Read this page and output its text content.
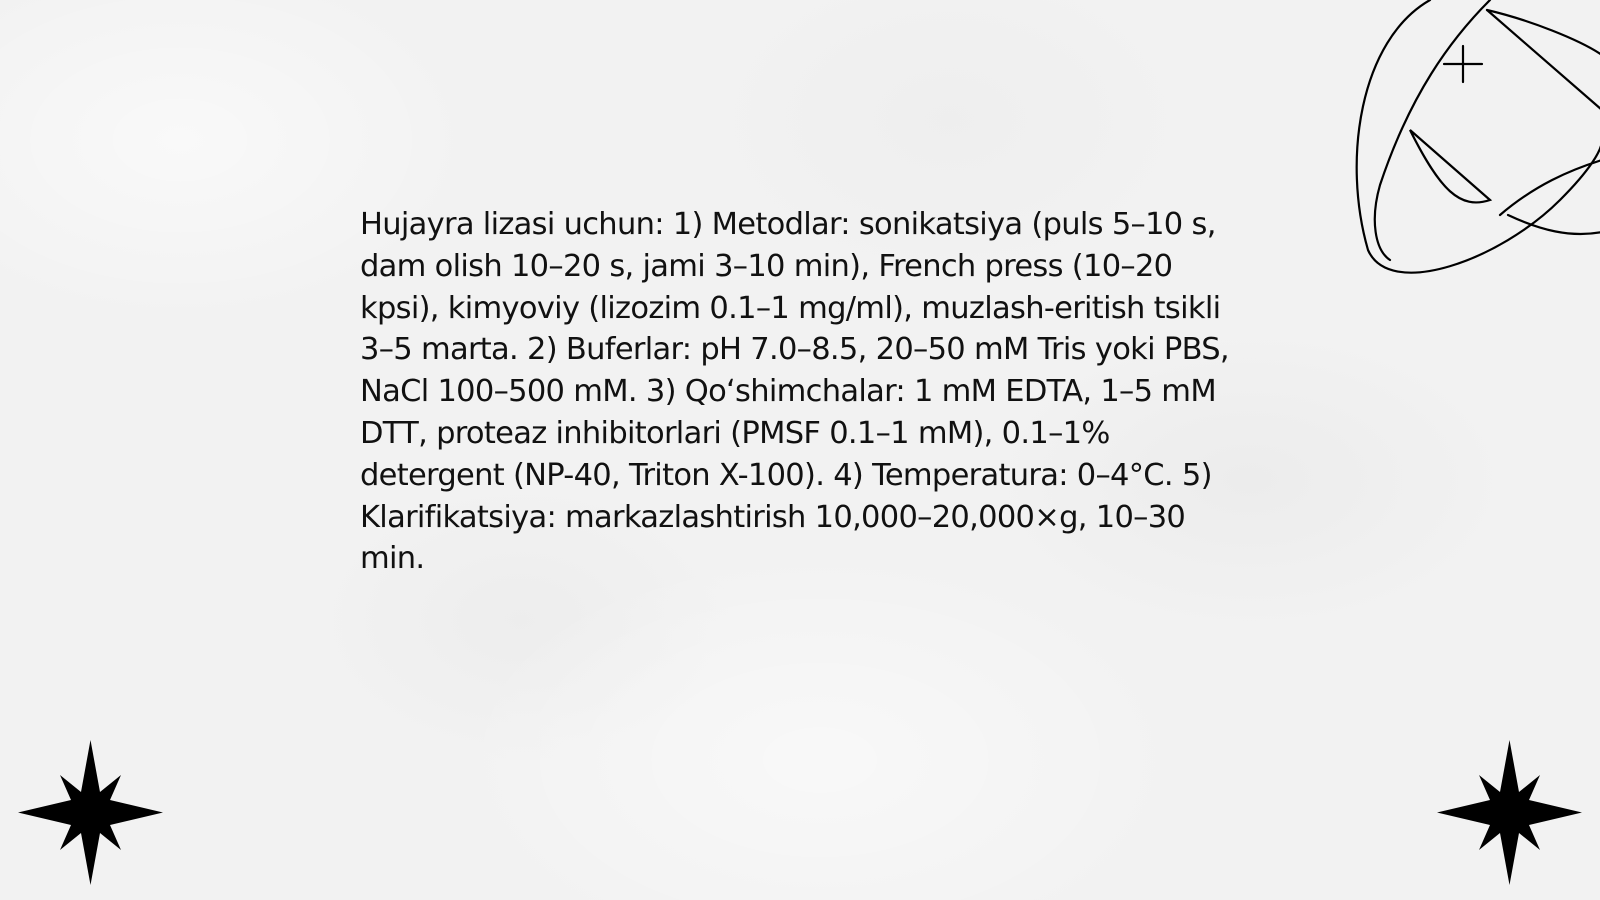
Hujayra lizasi uchun: 1) Metodlar: sonikatsiya (puls 5–10 s, dam olish 10–20 s, jami 3–10 min), French press (10–20 kpsi), kimyoviy (lizozim 0.1–1 mg/ml), muzlash-eritish tsikli 3–5 marta. 2) Buferlar: pH 7.0–8.5, 20–50 mM Tris yoki PBS, NaCl 100–500 mM. 3) Qo‘shimchalar: 1 mM EDTA, 1–5 mM DTT, proteaz inhibitorlari (PMSF 0.1–1 mM), 0.1–1% detergent (NP-40, Triton X-100). 4) Temperatura: 0–4°C. 5) Klarifikatsiya: markazlashtirish 10,000–20,000×g, 10–30 min.
